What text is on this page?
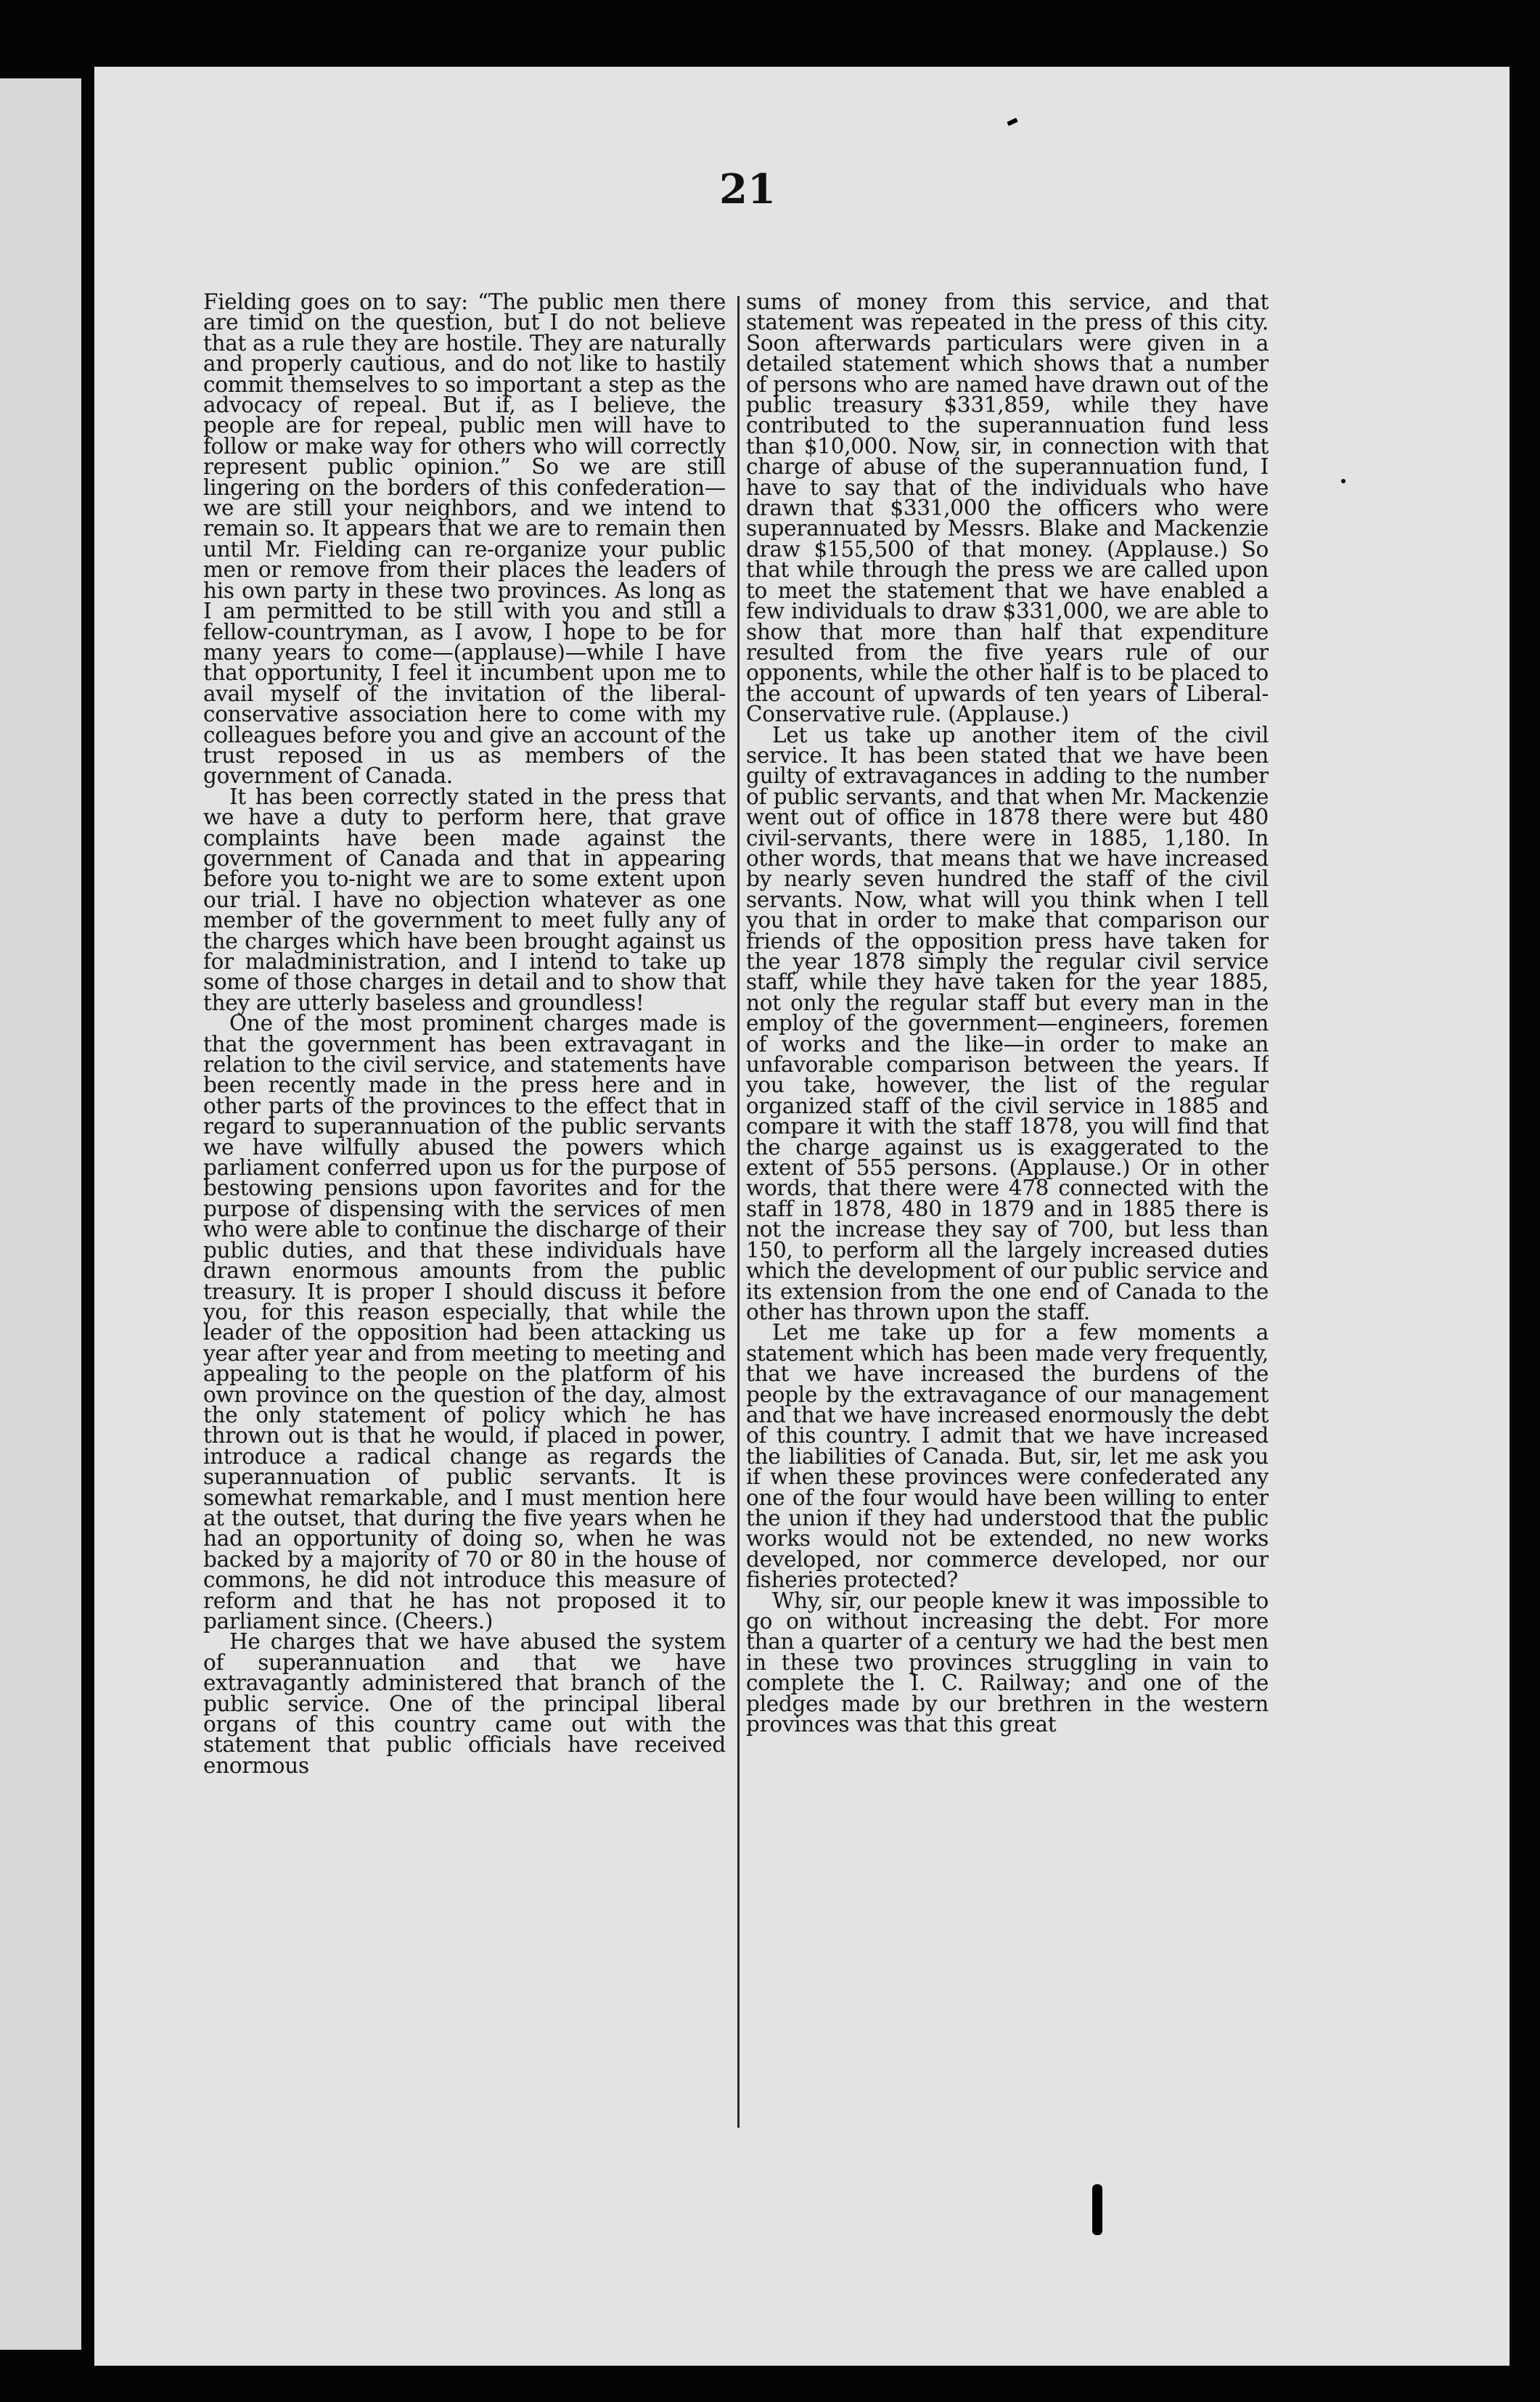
21

Fielding goes on to say: “The public men there are timid on the question, but I do not believe that as a rule they are hostile. They are naturally and properly cautious, and do not like to hastily commit themselves to so important a step as the advocacy of repeal. But if, as I believe, the people are for repeal, public men will have to follow or make way for others who will correctly represent public opinion.” So we are still lingering on the borders of this confederation—we are still your neighbors, and we intend to remain so. It appears that we are to remain then until Mr. Fielding can re-organize your public men or remove from their places the leaders of his own party in these two provinces. As long as I am permitted to be still with you and still a fellow-countryman, as I avow, I hope to be for many years to come—(applause)—while I have that opportunity, I feel it incumbent upon me to avail myself of the invitation of the liberal-conservative association here to come with my colleagues before you and give an account of the trust reposed in us as members of the government of Canada.

It has been correctly stated in the press that we have a duty to perform here, that grave complaints have been made against the government of Canada and that in appearing before you to-night we are to some extent upon our trial. I have no objection whatever as one member of the government to meet fully any of the charges which have been brought against us for maladministration, and I intend to take up some of those charges in detail and to show that they are utterly baseless and groundless!

One of the most prominent charges made is that the government has been extravagant in relation to the civil service, and statements have been recently made in the press here and in other parts of the provinces to the effect that in regard to superannuation of the public servants we have wilfully abused the powers which parliament conferred upon us for the purpose of bestowing pensions upon favorites and for the purpose of dispensing with the services of men who were able to continue the discharge of their public duties, and that these individuals have drawn enormous amounts from the public treasury. It is proper I should discuss it before you, for this reason especially, that while the leader of the opposition had been attacking us year after year and from meeting to meeting and appealing to the people on the platform of his own province on the question of the day, almost the only statement of policy which he has thrown out is that he would, if placed in power, introduce a radical change as regards the superannuation of public servants. It is somewhat remarkable, and I must mention here at the outset, that during the five years when he had an opportunity of doing so, when he was backed by a majority of 70 or 80 in the house of commons, he did not introduce this measure of reform and that he has not proposed it to parliament since. (Cheers.)

He charges that we have abused the system of superannuation and that we have extravagantly administered that branch of the public service. One of the principal liberal organs of this country came out with the statement that public officials have received enormous

sums of money from this service, and that statement was repeated in the press of this city. Soon afterwards particulars were given in a detailed statement which shows that a number of persons who are named have drawn out of the public treasury $331,859, while they have contributed to the superannuation fund less than $10,000. Now, sir, in connection with that charge of abuse of the superannuation fund, I have to say that of the individuals who have drawn that $331,000 the officers who were superannuated by Messrs. Blake and Mackenzie draw $155,500 of that money. (Applause.) So that while through the press we are called upon to meet the statement that we have enabled a few individuals to draw $331,000, we are able to show that more than half that expenditure resulted from the five years rule of our opponents, while the other half is to be placed to the account of upwards of ten years of Liberal-Conservative rule. (Applause.)

Let us take up another item of the civil service. It has been stated that we have been guilty of extravagances in adding to the number of public servants, and that when Mr. Mackenzie went out of office in 1878 there were but 480 civil-servants, there were in 1885, 1,180. In other words, that means that we have increased by nearly seven hundred the staff of the civil servants. Now, what will you think when I tell you that in order to make that comparison our friends of the opposition press have taken for the year 1878 simply the regular civil service staff, while they have taken for the year 1885, not only the regular staff but every man in the employ of the government—engineers, foremen of works and the like—in order to make an unfavorable comparison between the years. If you take, however, the list of the regular organized staff of the civil service in 1885 and compare it with the staff 1878, you will find that the charge against us is exaggerated to the extent of 555 persons. (Applause.) Or in other words, that there were 478 connected with the staff in 1878, 480 in 1879 and in 1885 there is not the increase they say of 700, but less than 150, to perform all the largely increased duties which the development of our public service and its extension from the one end of Canada to the other has thrown upon the staff.

Let me take up for a few moments a statement which has been made very frequently, that we have increased the burdens of the people by the extravagance of our management and that we have increased enormously the debt of this country. I admit that we have increased the liabilities of Canada. But, sir, let me ask you if when these provinces were confederated any one of the four would have been willing to enter the union if they had understood that the public works would not be extended, no new works developed, nor commerce developed, nor our fisheries protected?

Why, sir, our people knew it was impossible to go on without increasing the debt. For more than a quarter of a century we had the best men in these two provinces struggling in vain to complete the I. C. Railway; and one of the pledges made by our brethren in the western provinces was that this great
